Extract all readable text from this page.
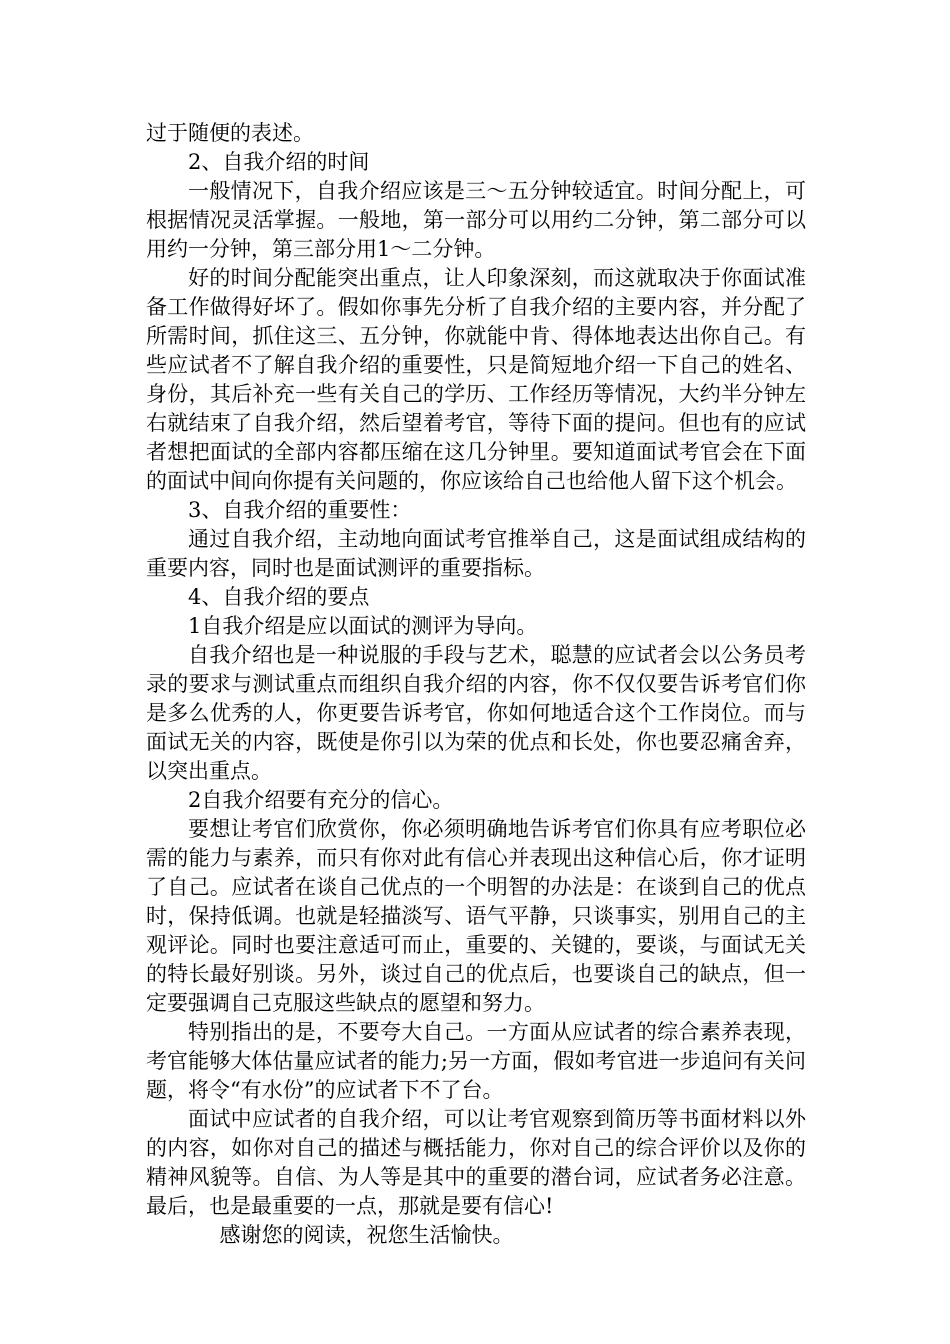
过于随便的表述。

2、自我介绍的时间

一般情况下，自我介绍应该是三～五分钟较适宜。时间分配上，可根据情况灵活掌握。一般地，第一部分可以用约二分钟，第二部分可以用约一分钟，第三部分用1～二分钟。

好的时间分配能突出重点，让人印象深刻，而这就取决于你面试准备工作做得好坏了。假如你事先分析了自我介绍的主要内容，并分配了所需时间，抓住这三、五分钟，你就能中肯、得体地表达出你自己。有些应试者不了解自我介绍的重要性，只是简短地介绍一下自己的姓名、身份，其后补充一些有关自己的学历、工作经历等情况，大约半分钟左右就结束了自我介绍，然后望着考官，等待下面的提问。但也有的应试者想把面试的全部内容都压缩在这几分钟里。要知道面试考官会在下面的面试中间向你提有关问题的，你应该给自己也给他人留下这个机会。

3、自我介绍的重要性：

通过自我介绍，主动地向面试考官推举自己，这是面试组成结构的重要内容，同时也是面试测评的重要指标。

4、自我介绍的要点

1自我介绍是应以面试的测评为导向。

自我介绍也是一种说服的手段与艺术，聪慧的应试者会以公务员考录的要求与测试重点而组织自我介绍的内容，你不仅仅要告诉考官们你是多么优秀的人，你更要告诉考官，你如何地适合这个工作岗位。而与面试无关的内容，既使是你引以为荣的优点和长处，你也要忍痛舍弃，以突出重点。

2自我介绍要有充分的信心。

要想让考官们欣赏你，你必须明确地告诉考官们你具有应考职位必需的能力与素养，而只有你对此有信心并表现出这种信心后，你才证明了自己。应试者在谈自己优点的一个明智的办法是：在谈到自己的优点时，保持低调。也就是轻描淡写、语气平静，只谈事实，别用自己的主观评论。同时也要注意适可而止，重要的、关键的，要谈，与面试无关的特长最好别谈。另外，谈过自己的优点后，也要谈自己的缺点，但一定要强调自己克服这些缺点的愿望和努力。

特别指出的是，不要夸大自己。一方面从应试者的综合素养表现，考官能够大体估量应试者的能力;另一方面，假如考官进一步追问有关问题，将令“有水份”的应试者下不了台。

面试中应试者的自我介绍，可以让考官观察到简历等书面材料以外的内容，如你对自己的描述与概括能力，你对自己的综合评价以及你的精神风貌等。自信、为人等是其中的重要的潜台词，应试者务必注意。最后，也是最重要的一点，那就是要有信心!

感谢您的阅读，祝您生活愉快。
